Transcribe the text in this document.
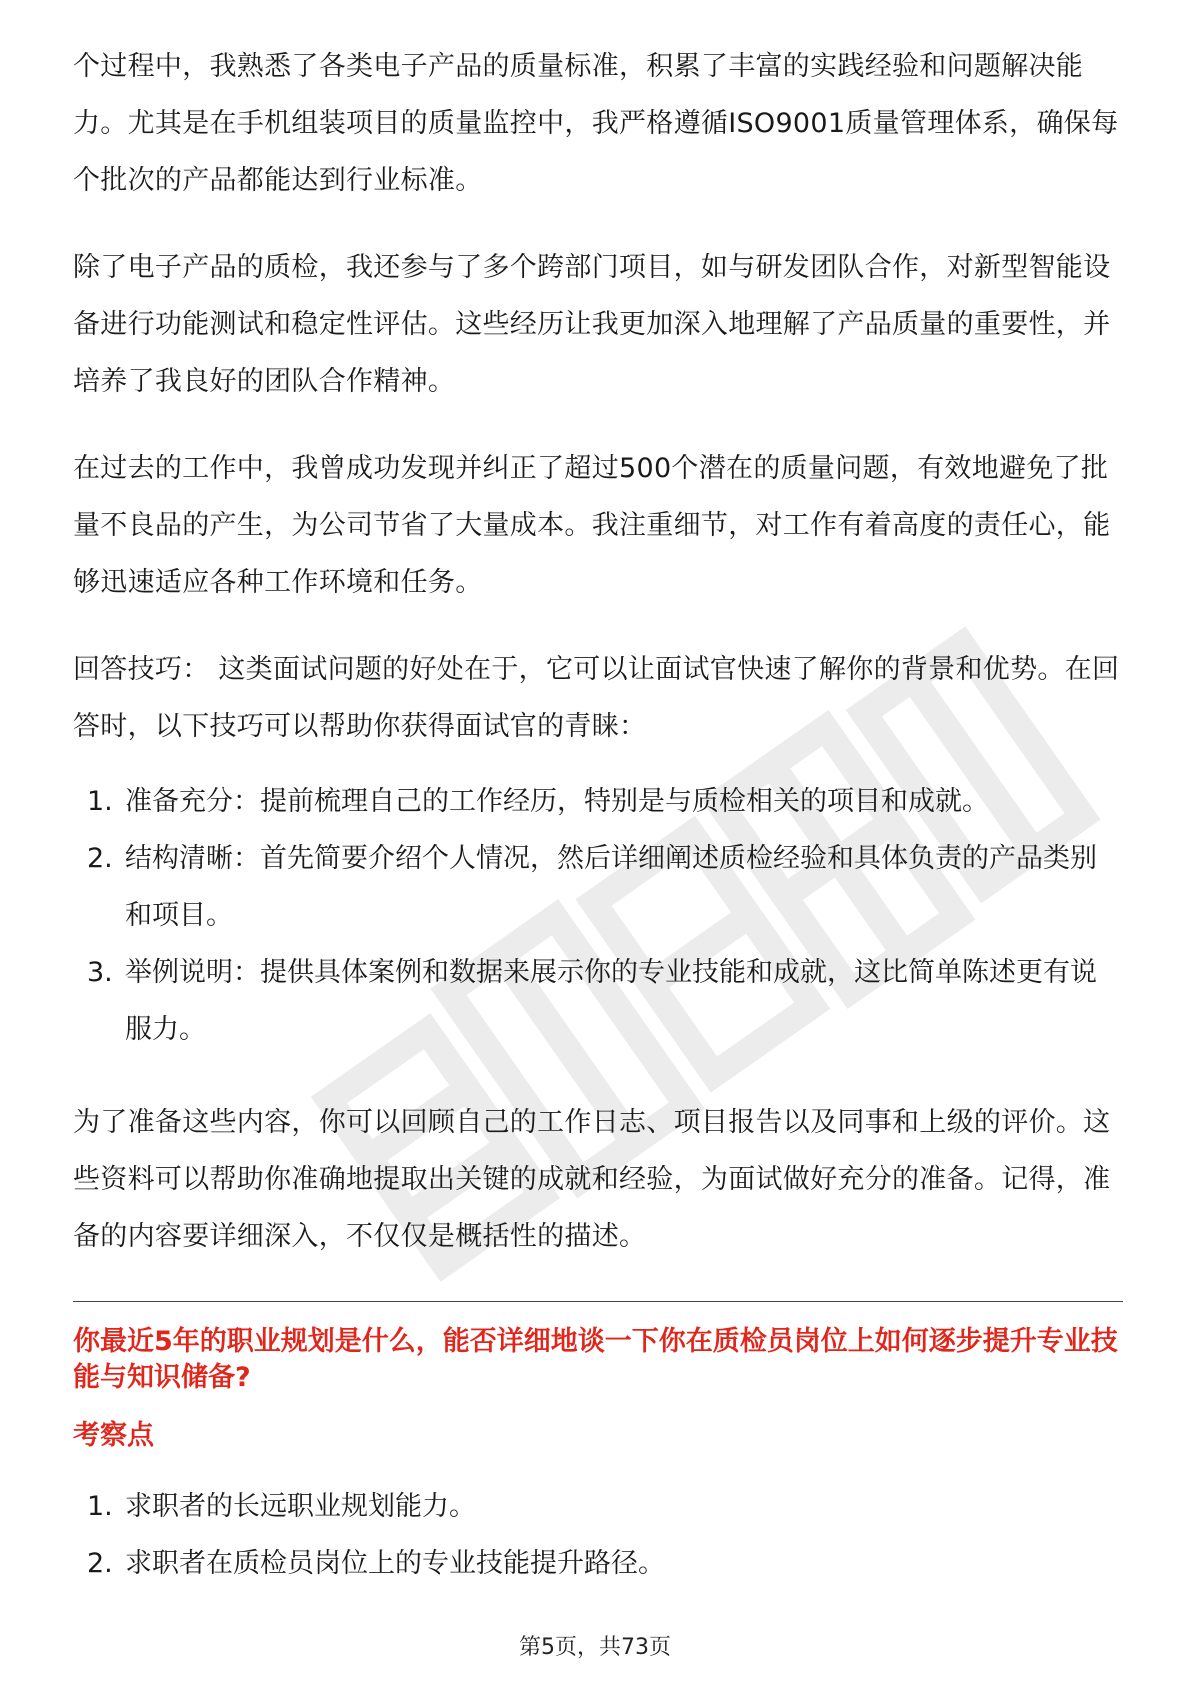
个过程中，我熟悉了各类电子产品的质量标准，积累了丰富的实践经验和问题解决能力。尤其是在手机组装项目的质量监控中，我严格遵循ISO9001质量管理体系，确保每个批次的产品都能达到行业标准。

除了电子产品的质检，我还参与了多个跨部门项目，如与研发团队合作，对新型智能设备进行功能测试和稳定性评估。这些经历让我更加深入地理解了产品质量的重要性，并培养了我良好的团队合作精神。

在过去的工作中，我曾成功发现并纠正了超过500个潜在的质量问题，有效地避免了批量不良品的产生，为公司节省了大量成本。我注重细节，对工作有着高度的责任心，能够迅速适应各种工作环境和任务。

回答技巧： 这类面试问题的好处在于，它可以让面试官快速了解你的背景和优势。在回答时，以下技巧可以帮助你获得面试官的青睐：

1. 准备充分：提前梳理自己的工作经历，特别是与质检相关的项目和成就。
2. 结构清晰：首先简要介绍个人情况，然后详细阐述质检经验和具体负责的产品类别和项目。
3. 举例说明：提供具体案例和数据来展示你的专业技能和成就，这比简单陈述更有说服力。

为了准备这些内容，你可以回顾自己的工作日志、项目报告以及同事和上级的评价。这些资料可以帮助你准确地提取出关键的成就和经验，为面试做好充分的准备。记得，准备的内容要详细深入，不仅仅是概括性的描述。

你最近5年的职业规划是什么，能否详细地谈一下你在质检员岗位上如何逐步提升专业技能与知识储备?

考察点

1. 求职者的长远职业规划能力。
2. 求职者在质检员岗位上的专业技能提升路径。
第5页，共73页
